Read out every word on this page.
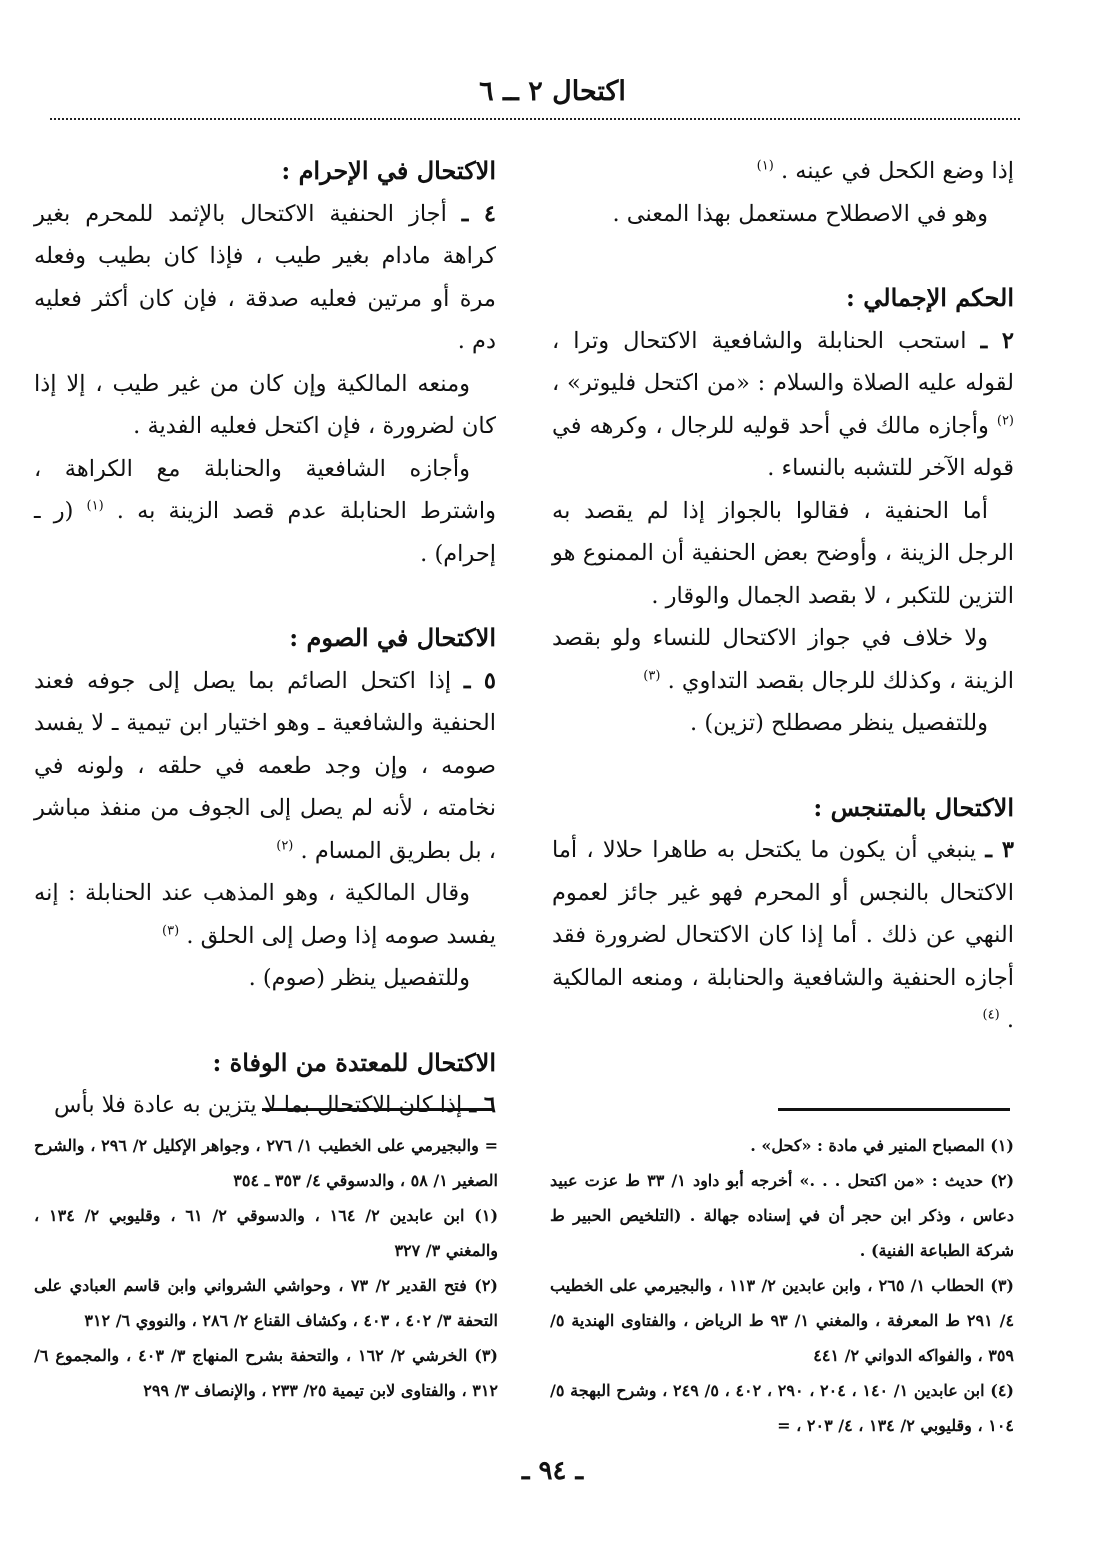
اكتحال ٢ ــ ٦

إذا وضع الكحل في عينه . $^{(١)}$

وهو في الاصطلاح مستعمل بهذا المعنى .

الحكم الإجمالي :

٢ ـ استحب الحنابلة والشافعية الاكتحال وترا ، لقوله عليه الصلاة والسلام : «من اكتحل فليوتر» ،$^{(٢)}$ وأجازه مالك في أحد قوليه للرجال ، وكرهه في قوله الآخر للتشبه بالنساء .

أما الحنفية ، فقالوا بالجواز إذا لم يقصد به الرجل الزينة ، وأوضح بعض الحنفية أن الممنوع هو التزين للتكبر ، لا بقصد الجمال والوقار .

ولا خلاف في جواز الاكتحال للنساء ولو بقصد الزينة ، وكذلك للرجال بقصد التداوي . $^{(٣)}$

وللتفصيل ينظر مصطلح (تزين) .

الاكتحال بالمتنجس :

٣ ـ ينبغي أن يكون ما يكتحل به طاهرا حلالا ، أما الاكتحال بالنجس أو المحرم فهو غير جائز لعموم النهي عن ذلك . أما إذا كان الاكتحال لضرورة فقد أجازه الحنفية والشافعية والحنابلة ، ومنعه المالكية . $^{(٤)}$

الاكتحال في الإحرام :

٤ ـ أجاز الحنفية الاكتحال بالإثمد للمحرم بغير كراهة مادام بغير طيب ، فإذا كان بطيب وفعله مرة أو مرتين فعليه صدقة ، فإن كان أكثر فعليه دم .

ومنعه المالكية وإن كان من غير طيب ، إلا إذا كان لضرورة ، فإن اكتحل فعليه الفدية .

وأجازه الشافعية والحنابلة مع الكراهة ، واشترط الحنابلة عدم قصد الزينة به . $^{(١)}$ (ر ـ إحرام) .

الاكتحال في الصوم :

٥ ـ إذا اكتحل الصائم بما يصل إلى جوفه فعند الحنفية والشافعية ـ وهو اختيار ابن تيمية ـ لا يفسد صومه ، وإن وجد طعمه في حلقه ، ولونه في نخامته ، لأنه لم يصل إلى الجوف من منفذ مباشر ، بل بطريق المسام . $^{(٢)}$

وقال المالكية ، وهو المذهب عند الحنابلة : إنه يفسد صومه إذا وصل إلى الحلق . $^{(٣)}$

وللتفصيل ينظر (صوم) .

الاكتحال للمعتدة من الوفاة :

٦ ـ إذا كان الاكتحال بما لا يتزين به عادة فلا بأس

(١) المصباح المنير في مادة : «كحل» .

(٢) حديث : «من اكتحل . . .» أخرجه أبو داود ١/ ٣٣ ط عزت عبيد دعاس ، وذكر ابن حجر أن في إسناده جهالة . (التلخيص الحبير ط شركة الطباعة الفنية) .

(٣) الحطاب ١/ ٢٦٥ ، وابن عابدين ٢/ ١١٣ ، والبجيرمي على الخطيب ٤/ ٢٩١ ط المعرفة ، والمغني ١/ ٩٣ ط الرياض ، والفتاوى الهندية ٥/ ٣٥٩ ، والفواكه الدواني ٢/ ٤٤١

(٤) ابن عابدين ١/ ١٤٠ ، ٢٠٤ ، ٢٩٠ ، ٤٠٢ ، ٥/ ٢٤٩ ، وشرح البهجة ٥/ ١٠٤ ، وقليوبي ٢/ ١٣٤ ، ٤/ ٢٠٣ ، =

= والبجيرمي على الخطيب ١/ ٢٧٦ ، وجواهر الإكليل ٢/ ٢٩٦ ، والشرح الصغير ١/ ٥٨ ، والدسوقي ٤/ ٣٥٣ ـ ٣٥٤

(١) ابن عابدين ٢/ ١٦٤ ، والدسوقي ٢/ ٦١ ، وقليوبي ٢/ ١٣٤ ، والمغني ٣/ ٣٢٧

(٢) فتح القدير ٢/ ٧٣ ، وحواشي الشرواني وابن قاسم العبادي على التحفة ٣/ ٤٠٢ ، ٤٠٣ ، وكشاف القناع ٢/ ٢٨٦ ، والنووي ٦/ ٣١٢

(٣) الخرشي ٢/ ١٦٢ ، والتحفة بشرح المنهاج ٣/ ٤٠٣ ، والمجموع ٦/ ٣١٢ ، والفتاوى لابن تيمية ٢٥/ ٢٣٣ ، والإنصاف ٣/ ٢٩٩

ـ ٩٤ ـ
